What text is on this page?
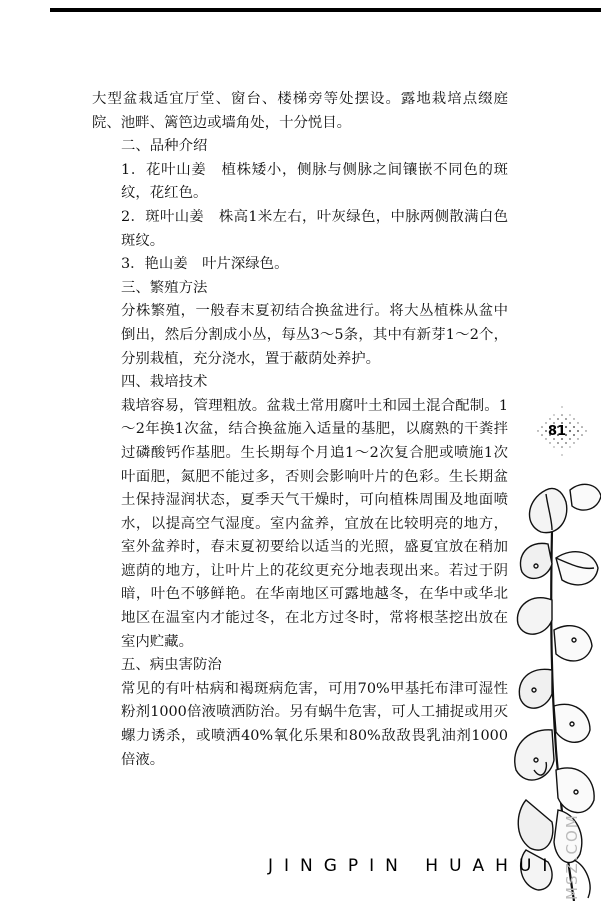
大型盆栽适宜厅堂、窗台、楼梯旁等处摆设。露地栽培点缀庭院、池畔、篱笆边或墙角处，十分悦目。

二、品种介绍

1．花叶山姜　植株矮小，侧脉与侧脉之间镶嵌不同色的斑纹，花红色。

2．斑叶山姜　株高1米左右，叶灰绿色，中脉两侧散满白色斑纹。

3．艳山姜　叶片深绿色。

三、繁殖方法

分株繁殖，一般春末夏初结合换盆进行。将大丛植株从盆中倒出，然后分割成小丛，每丛3～5条，其中有新芽1～2个，分别栽植，充分浇水，置于蔽荫处养护。

四、栽培技术

栽培容易，管理粗放。盆栽土常用腐叶土和园土混合配制。1～2年换1次盆，结合换盆施入适量的基肥，以腐熟的干粪拌过磷酸钙作基肥。生长期每个月追1～2次复合肥或喷施1次叶面肥，氮肥不能过多，否则会影响叶片的色彩。生长期盆土保持湿润状态，夏季天气干燥时，可向植株周围及地面喷水，以提高空气湿度。室内盆养，宜放在比较明亮的地方，室外盆养时，春末夏初要给以适当的光照，盛夏宜放在稍加遮荫的地方，让叶片上的花纹更充分地表现出来。若过于阴暗，叶色不够鲜艳。在华南地区可露地越冬，在华中或华北地区在温室内才能过冬，在北方过冬时，常将根茎挖出放在室内贮藏。

五、病虫害防治

常见的有叶枯病和褐斑病危害，可用70%甲基托布津可湿性粉剂1000倍液喷洒防治。另有蜗牛危害，可人工捕捉或用灭螺力诱杀，或喷洒40%氧化乐果和80%敌敌畏乳油剂1000倍液。

81
JINGPIN HUAHUI MSZ.COM
